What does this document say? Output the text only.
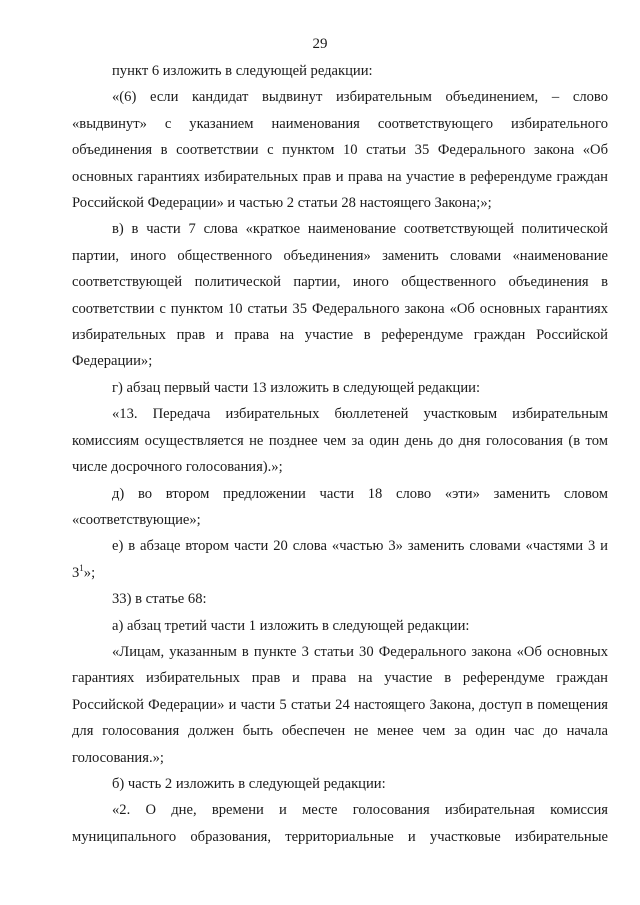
29

пункт 6 изложить в следующей редакции:

«(6) если кандидат выдвинут избирательным объединением, – слово «выдвинут» с указанием наименования соответствующего избирательного объединения в соответствии с пунктом 10 статьи 35 Федерального закона «Об основных гарантиях избирательных прав и права на участие в референдуме граждан Российской Федерации» и частью 2 статьи 28 настоящего Закона;»;

в) в части 7 слова «краткое наименование соответствующей политической партии, иного общественного объединения» заменить словами «наименование соответствующей политической партии, иного общественного объединения в соответствии с пунктом 10 статьи 35 Федерального закона «Об основных гарантиях избирательных прав и права на участие в референдуме граждан Российской Федерации»;

г) абзац первый части 13 изложить в следующей редакции:

«13. Передача избирательных бюллетеней участковым избирательным комиссиям осуществляется не позднее чем за один день до дня голосования (в том числе досрочного голосования).»;

д) во втором предложении части 18 слово «эти» заменить словом «соответствующие»;

е) в абзаце втором части 20 слова «частью 3» заменить словами «частями 3 и $3^1$»;

33) в статье 68:

а) абзац третий части 1 изложить в следующей редакции:

«Лицам, указанным в пункте 3 статьи 30 Федерального закона «Об основных гарантиях избирательных прав и права на участие в референдуме граждан Российской Федерации» и части 5 статьи 24 настоящего Закона, доступ в помещения для голосования должен быть обеспечен не менее чем за один час до начала голосования.»;

б) часть 2 изложить в следующей редакции:

«2. О дне, времени и месте голосования избирательная комиссия муниципального образования, территориальные и участковые избирательные
